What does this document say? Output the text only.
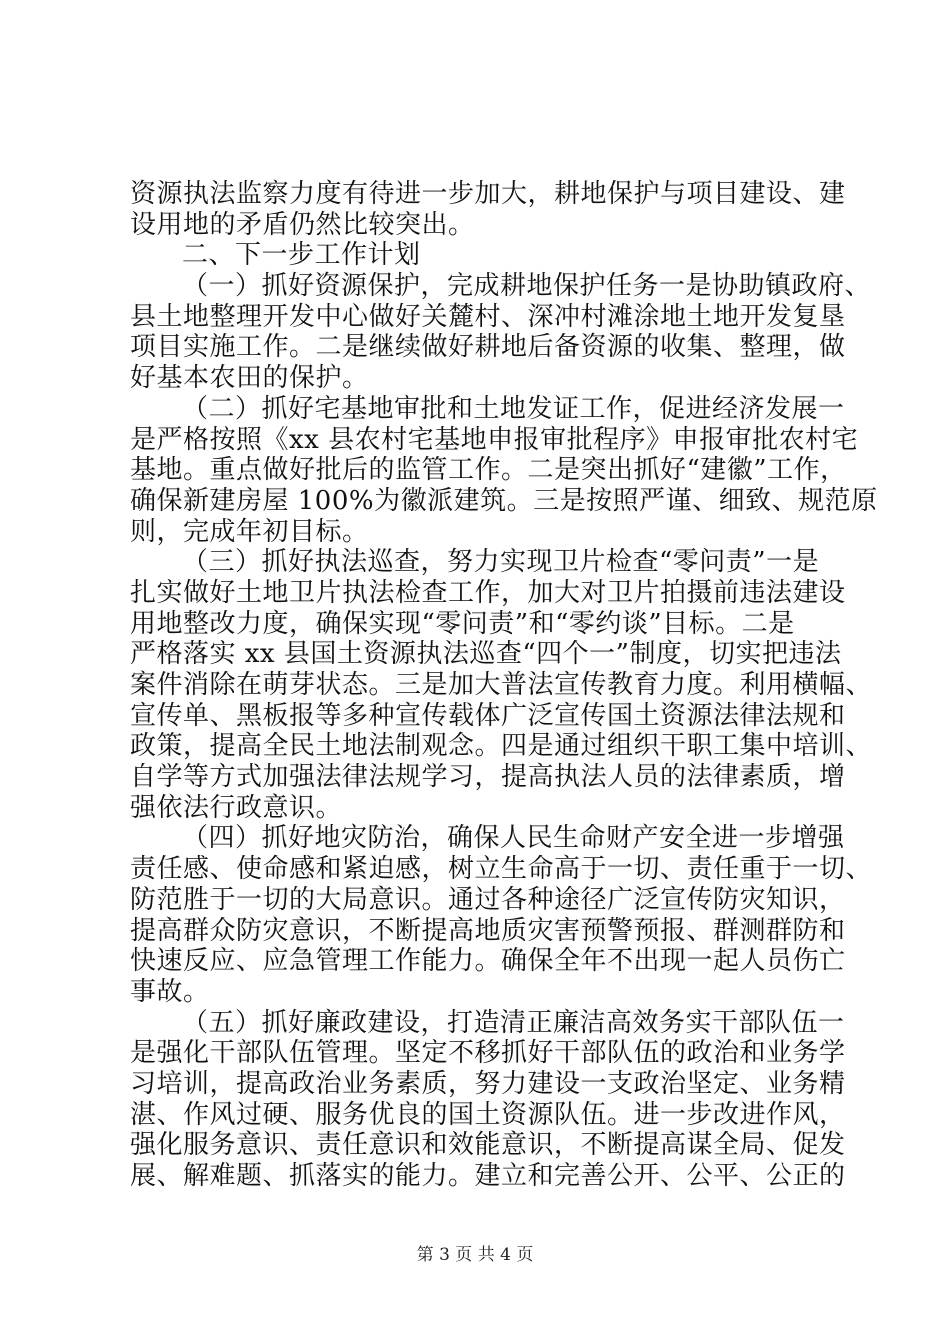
资源执法监察力度有待进一步加大，耕地保护与项目建设、建
设用地的矛盾仍然比较突出。
二、下一步工作计划
（一）抓好资源保护，完成耕地保护任务一是协助镇政府、
县土地整理开发中心做好关麓村、深冲村滩涂地土地开发复垦
项目实施工作。二是继续做好耕地后备资源的收集、整理，做
好基本农田的保护。
（二）抓好宅基地审批和土地发证工作，促进经济发展一
是严格按照《xx 县农村宅基地申报审批程序》申报审批农村宅
基地。重点做好批后的监管工作。二是突出抓好“建徽”工作，
确保新建房屋 100%为徽派建筑。三是按照严谨、细致、规范原
则，完成年初目标。
（三）抓好执法巡查，努力实现卫片检查“零问责”一是
扎实做好土地卫片执法检查工作，加大对卫片拍摄前违法建设
用地整改力度，确保实现“零问责”和“零约谈”目标。二是
严格落实 xx 县国土资源执法巡查“四个一”制度，切实把违法
案件消除在萌芽状态。三是加大普法宣传教育力度。利用横幅、
宣传单、黑板报等多种宣传载体广泛宣传国土资源法律法规和
政策，提高全民土地法制观念。四是通过组织干职工集中培训、
自学等方式加强法律法规学习，提高执法人员的法律素质，增
强依法行政意识。
（四）抓好地灾防治，确保人民生命财产安全进一步增强
责任感、使命感和紧迫感，树立生命高于一切、责任重于一切、
防范胜于一切的大局意识。通过各种途径广泛宣传防灾知识，
提高群众防灾意识，不断提高地质灾害预警预报、群测群防和
快速反应、应急管理工作能力。确保全年不出现一起人员伤亡
事故。
（五）抓好廉政建设，打造清正廉洁高效务实干部队伍一
是强化干部队伍管理。坚定不移抓好干部队伍的政治和业务学
习培训，提高政治业务素质，努力建设一支政治坚定、业务精
湛、作风过硬、服务优良的国土资源队伍。进一步改进作风，
强化服务意识、责任意识和效能意识，不断提高谋全局、促发
展、解难题、抓落实的能力。建立和完善公开、公平、公正的
第 3 页 共 4 页
